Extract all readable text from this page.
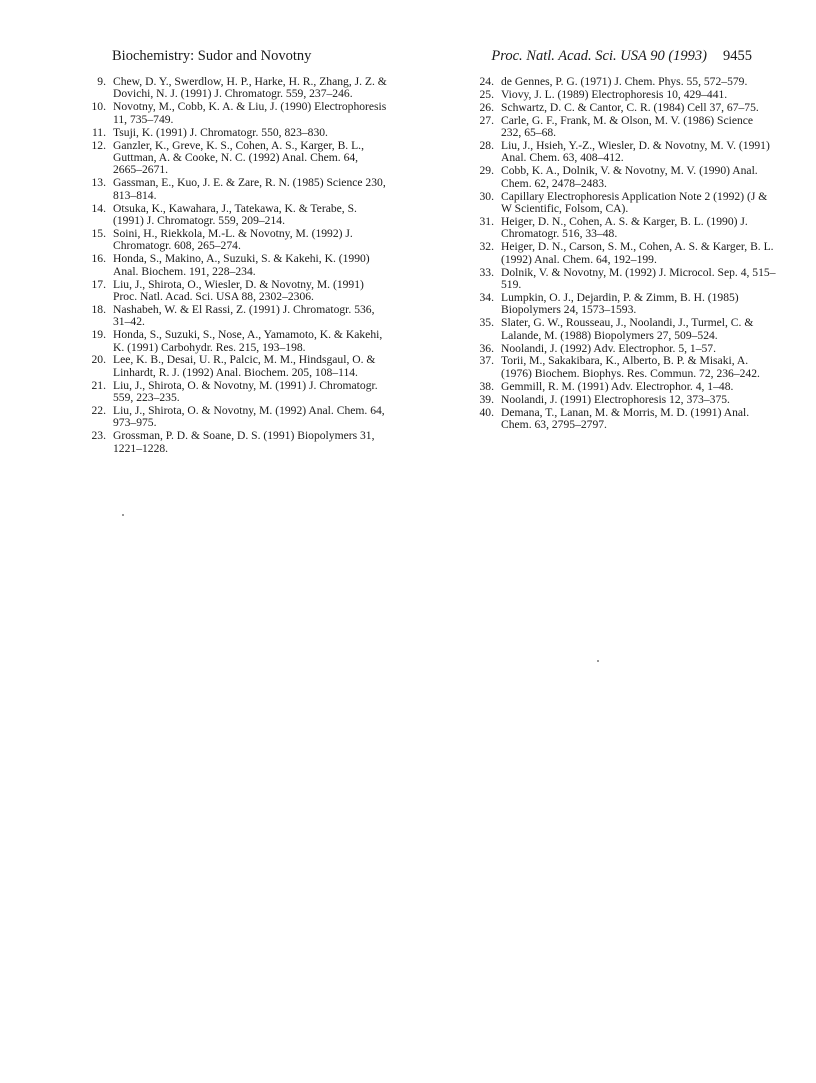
Biochemistry: Sudor and Novotny	Proc. Natl. Acad. Sci. USA 90 (1993) 9455
9. Chew, D. Y., Swerdlow, H. P., Harke, H. R., Zhang, J. Z. & Dovichi, N. J. (1991) J. Chromatogr. 559, 237–246.
10. Novotny, M., Cobb, K. A. & Liu, J. (1990) Electrophoresis 11, 735–749.
11. Tsuji, K. (1991) J. Chromatogr. 550, 823–830.
12. Ganzler, K., Greve, K. S., Cohen, A. S., Karger, B. L., Guttman, A. & Cooke, N. C. (1992) Anal. Chem. 64, 2665–2671.
13. Gassman, E., Kuo, J. E. & Zare, R. N. (1985) Science 230, 813–814.
14. Otsuka, K., Kawahara, J., Tatekawa, K. & Terabe, S. (1991) J. Chromatogr. 559, 209–214.
15. Soini, H., Riekkola, M.-L. & Novotny, M. (1992) J. Chromatogr. 608, 265–274.
16. Honda, S., Makino, A., Suzuki, S. & Kakehi, K. (1990) Anal. Biochem. 191, 228–234.
17. Liu, J., Shirota, O., Wiesler, D. & Novotny, M. (1991) Proc. Natl. Acad. Sci. USA 88, 2302–2306.
18. Nashabeh, W. & El Rassi, Z. (1991) J. Chromatogr. 536, 31–42.
19. Honda, S., Suzuki, S., Nose, A., Yamamoto, K. & Kakehi, K. (1991) Carbohydr. Res. 215, 193–198.
20. Lee, K. B., Desai, U. R., Palcic, M. M., Hindsgaul, O. & Linhardt, R. J. (1992) Anal. Biochem. 205, 108–114.
21. Liu, J., Shirota, O. & Novotny, M. (1991) J. Chromatogr. 559, 223–235.
22. Liu, J., Shirota, O. & Novotny, M. (1992) Anal. Chem. 64, 973–975.
23. Grossman, P. D. & Soane, D. S. (1991) Biopolymers 31, 1221–1228.
24. de Gennes, P. G. (1971) J. Chem. Phys. 55, 572–579.
25. Viovy, J. L. (1989) Electrophoresis 10, 429–441.
26. Schwartz, D. C. & Cantor, C. R. (1984) Cell 37, 67–75.
27. Carle, G. F., Frank, M. & Olson, M. V. (1986) Science 232, 65–68.
28. Liu, J., Hsieh, Y.-Z., Wiesler, D. & Novotny, M. V. (1991) Anal. Chem. 63, 408–412.
29. Cobb, K. A., Dolnik, V. & Novotny, M. V. (1990) Anal. Chem. 62, 2478–2483.
30. Capillary Electrophoresis Application Note 2 (1992) (J & W Scientific, Folsom, CA).
31. Heiger, D. N., Cohen, A. S. & Karger, B. L. (1990) J. Chromatogr. 516, 33–48.
32. Heiger, D. N., Carson, S. M., Cohen, A. S. & Karger, B. L. (1992) Anal. Chem. 64, 192–199.
33. Dolnik, V. & Novotny, M. (1992) J. Microcol. Sep. 4, 515–519.
34. Lumpkin, O. J., Dejardin, P. & Zimm, B. H. (1985) Biopolymers 24, 1573–1593.
35. Slater, G. W., Rousseau, J., Noolandi, J., Turmel, C. & Lalande, M. (1988) Biopolymers 27, 509–524.
36. Noolandi, J. (1992) Adv. Electrophor. 5, 1–57.
37. Torii, M., Sakakibara, K., Alberto, B. P. & Misaki, A. (1976) Biochem. Biophys. Res. Commun. 72, 236–242.
38. Gemmill, R. M. (1991) Adv. Electrophor. 4, 1–48.
39. Noolandi, J. (1991) Electrophoresis 12, 373–375.
40. Demana, T., Lanan, M. & Morris, M. D. (1991) Anal. Chem. 63, 2795–2797.
